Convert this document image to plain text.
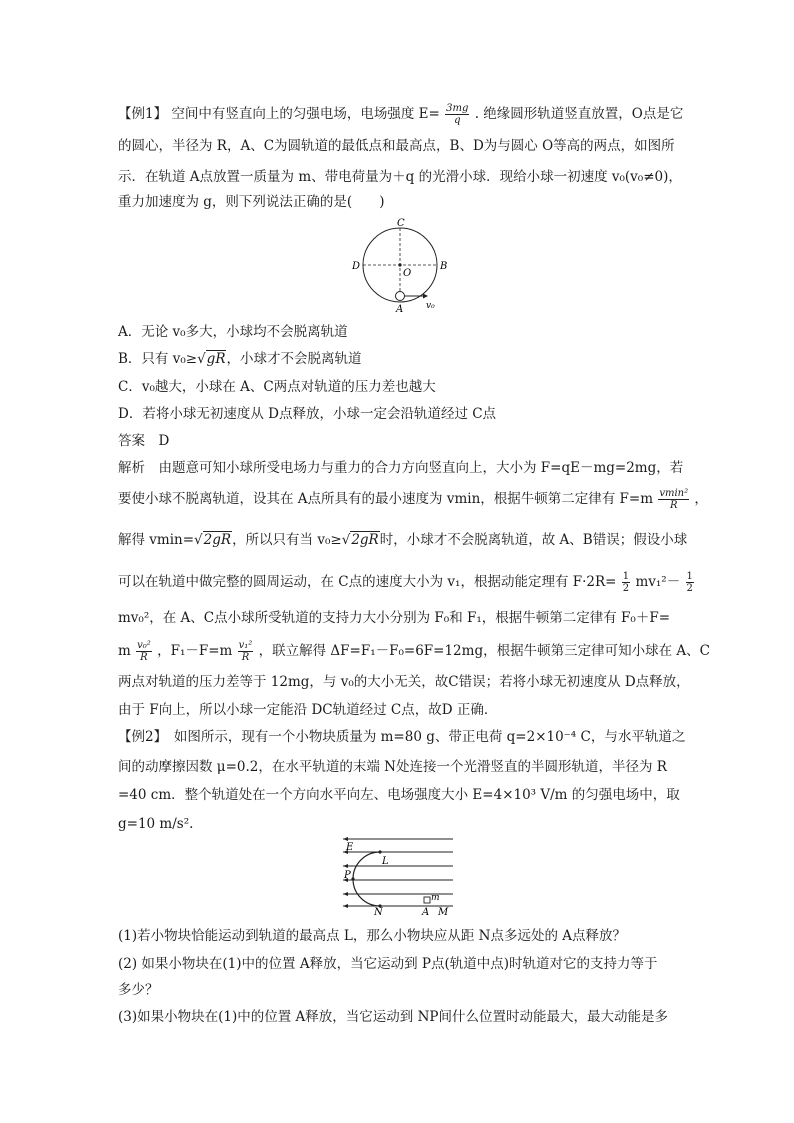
【例1】 空间中有竖直向上的匀强电场，电场强度 $E= \frac{3mg}{q}$ . 绝缘圆形轨道竖直放置，O点是它
的圆心，半径为 R，A、C为圆轨道的最低点和最高点，B、D为与圆心 O等高的两点，如图所
示．在轨道 A点放置一质量为 m、带电荷量为＋q 的光滑小球．现给小球一初速度 v₀(v₀≠0)，
重力加速度为 g，则下列说法正确的是(　　)
C
D
O
B
A	v₀
A．无论 v₀多大，小球均不会脱离轨道
B．只有 v₀≥√gR，小球才不会脱离轨道
C．v₀越大，小球在 A、C两点对轨道的压力差也越大
D．若将小球无初速度从 D点释放，小球一定会沿轨道经过 C点
答案　D
解析　由题意可知小球所受电场力与重力的合力方向竖直向上，大小为 F=qE－mg=2mg，若
要使小球不脱离轨道，设其在 A点所具有的最小速度为 vmin，根据牛顿第二定律有 $F=m \frac{\text{vmin²}}{R}$ ，
解得 vmin=√2gR，所以只有当 v₀≥√2gR时，小球才不会脱离轨道，故 A、B错误；假设小球
可以在轨道中做完整的圆周运动，在 C点的速度大小为 v₁，根据动能定理有 $F\cdot 2R= \frac{1}{2} mv_1^2- \frac{1}{2}$
mv₀²，在 A、C点小球所受轨道的支持力大小分别为 F₀和 F₁，根据牛顿第二定律有 F₀＋F=
m $\frac{\text{v₀²}}{R}$ ，$F_1-F=m \frac{\text{v₁²}}{R}$ ，联立解得 ΔF=F₁－F₀=6F=12mg，根据牛顿第三定律可知小球在 A、C
两点对轨道的压力差等于 12mg，与 v₀的大小无关，故C错误；若将小球无初速度从 D点释放，
由于 F向上，所以小球一定能沿 DC轨道经过 C点，故D 正确．
【例2】　如图所示，现有一个小物块质量为 m=80 g、带正电荷 q=2×10⁻⁴ C，与水平轨道之
间的动摩擦因数 μ=0.2，在水平轨道的末端 N处连接一个光滑竖直的半圆形轨道，半径为 R
=40 cm．整个轨道处在一个方向水平向左、电场强度大小 E=4×10³ V/m 的匀强电场中，取
g=10 m/s².
E
L
P
N	A M
m
(1)若小物块恰能运动到轨道的最高点 L，那么小物块应从距 N点多远处的 A点释放？
(2) 如果小物块在(1)中的位置 A释放，当它运动到 P点(轨道中点)时轨道对它的支持力等于
多少？
(3)如果小物块在(1)中的位置 A释放，当它运动到 NP间什么位置时动能最大，最大动能是多
